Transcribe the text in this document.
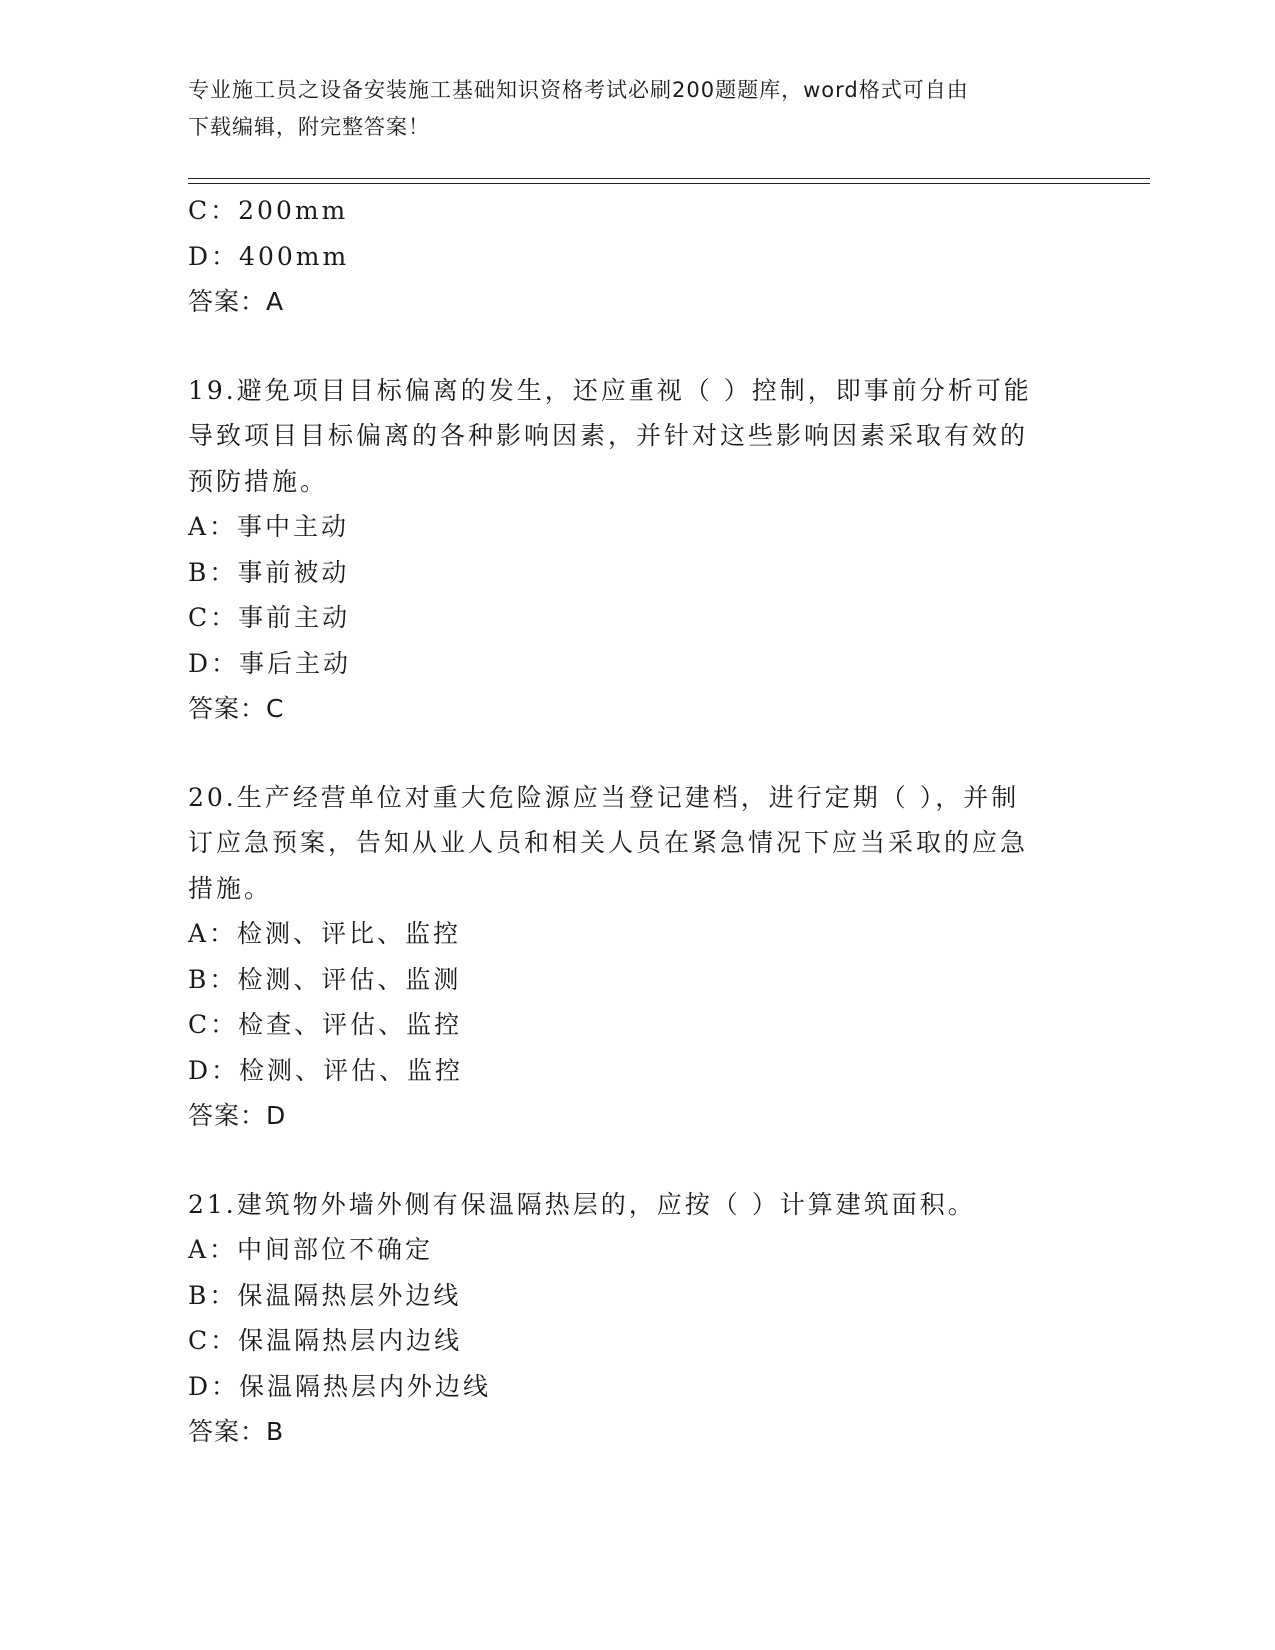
专业施工员之设备安装施工基础知识资格考试必刷200题题库，word格式可自由
下载编辑，附完整答案！
C：200mm
D：400mm
答案：A
19.避免项目目标偏离的发生，还应重视（ ）控制，即事前分析可能
导致项目目标偏离的各种影响因素，并针对这些影响因素采取有效的
预防措施。
A：事中主动
B：事前被动
C：事前主动
D：事后主动
答案：C
20.生产经营单位对重大危险源应当登记建档，进行定期（ ），并制
订应急预案，告知从业人员和相关人员在紧急情况下应当采取的应急
措施。
A：检测、评比、监控
B：检测、评估、监测
C：检查、评估、监控
D：检测、评估、监控
答案：D
21.建筑物外墙外侧有保温隔热层的，应按（ ）计算建筑面积。
A：中间部位不确定
B：保温隔热层外边线
C：保温隔热层内边线
D：保温隔热层内外边线
答案：B
